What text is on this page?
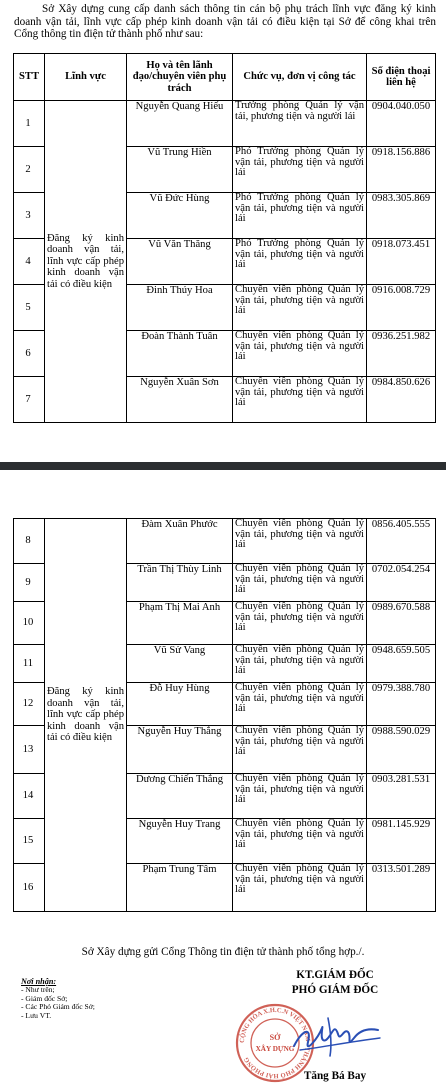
Sở Xây dựng cung cấp danh sách thông tin cán bộ phụ trách lĩnh vực đăng ký kinh doanh vận tải, lĩnh vực cấp phép kinh doanh vận tải có điều kiện tại Sở để công khai trên Cổng thông tin điện tử thành phố như sau:

STT	Lĩnh vực	Họ và tên lãnh đạo/chuyên viên phụ trách	Chức vụ, đơn vị công tác	Số điện thoại liên hệ
1	Đăng ký kinh doanh vận tải, lĩnh vực cấp phép kinh doanh vận tải có điều kiện	Nguyễn Quang Hiếu	Trưởng phòng Quản lý vận tải, phương tiện và người lái	0904.040.050
2		Vũ Trung Hiền	Phó Trưởng phòng Quản lý vận tải, phương tiện và người lái	0918.156.886
3		Vũ Đức Hùng	Phó Trưởng phòng Quản lý vận tải, phương tiện và người lái	0983.305.869
4		Vũ Văn Thăng	Phó Trưởng phòng Quản lý vận tải, phương tiện và người lái	0918.073.451
5		Đinh Thúy Hoa	Chuyên viên phòng Quản lý vận tải, phương tiện và người lái	0916.008.729
6		Đoàn Thành Tuân	Chuyên viên phòng Quản lý vận tải, phương tiện và người lái	0936.251.982
7		Nguyễn Xuân Sơn	Chuyên viên phòng Quản lý vận tải, phương tiện và người lái	0984.850.626
8	Đăng ký kinh doanh vận tải, lĩnh vực cấp phép kinh doanh vận tải có điều kiện	Đàm Xuân Phước	Chuyên viên phòng Quản lý vận tải, phương tiện và người lái	0856.405.555
9		Trần Thị Thùy Linh	Chuyên viên phòng Quản lý vận tải, phương tiện và người lái	0702.054.254
10		Phạm Thị Mai Anh	Chuyên viên phòng Quản lý vận tải, phương tiện và người lái	0989.670.588
11		Vũ Sử Vang	Chuyên viên phòng Quản lý vận tải, phương tiện và người lái	0948.659.505
12		Đỗ Huy Hùng	Chuyên viên phòng Quản lý vận tải, phương tiện và người lái	0979.388.780
13		Nguyễn Huy Thắng	Chuyên viên phòng Quản lý vận tải, phương tiện và người lái	0988.590.029
14		Dương Chiến Thắng	Chuyên viên phòng Quản lý vận tải, phương tiện và người lái	0903.281.531
15		Nguyễn Huy Trang	Chuyên viên phòng Quản lý vận tải, phương tiện và người lái	0981.145.929
16		Phạm Trung Tâm	Chuyên viên phòng Quản lý vận tải, phương tiện và người lái	0313.501.289

Sở Xây dựng gửi Cổng Thông tin điện tử thành phố tổng hợp./.

Nơi nhận:
- Như trên;
- Giám đốc Sở;
- Các Phó Giám đốc Sở;
- Lưu VT.
KT.GIÁM ĐỐC
PHÓ GIÁM ĐỐC
CỘNG HÒA X.H.C.N VIỆT NAM · THÀNH PHỐ HẢI PHÒNG
SỞ
XÂY DỰNG
Tăng Bá Bay
